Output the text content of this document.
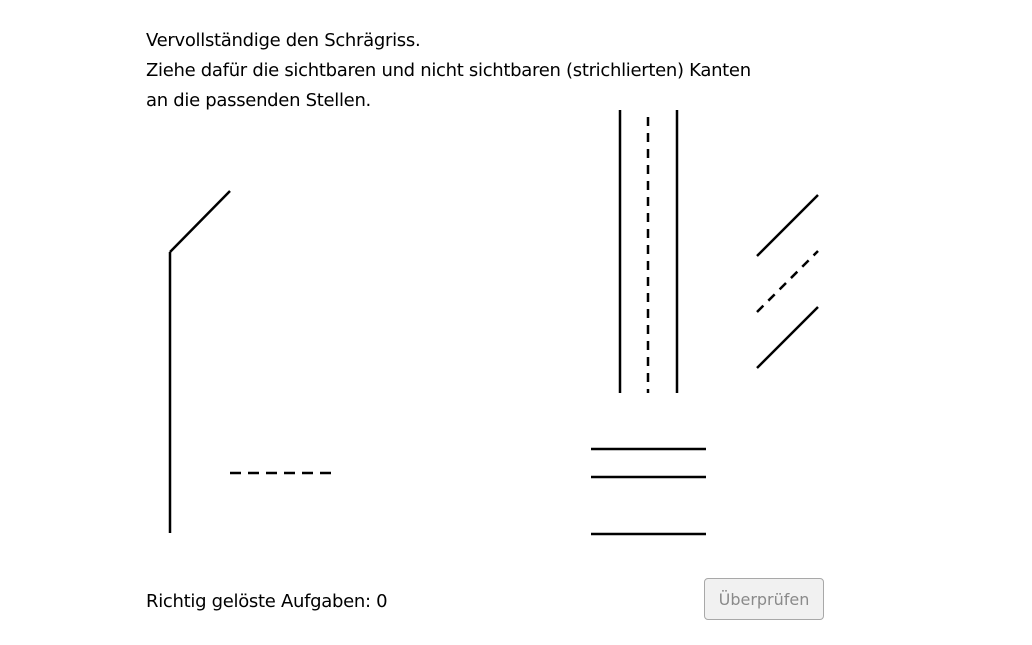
Vervollständige den Schrägriss.
Ziehe dafür die sichtbaren und nicht sichtbaren (strichlierten) Kanten
an die passenden Stellen.
Richtig gelöste Aufgaben: 0	Überprüfen
